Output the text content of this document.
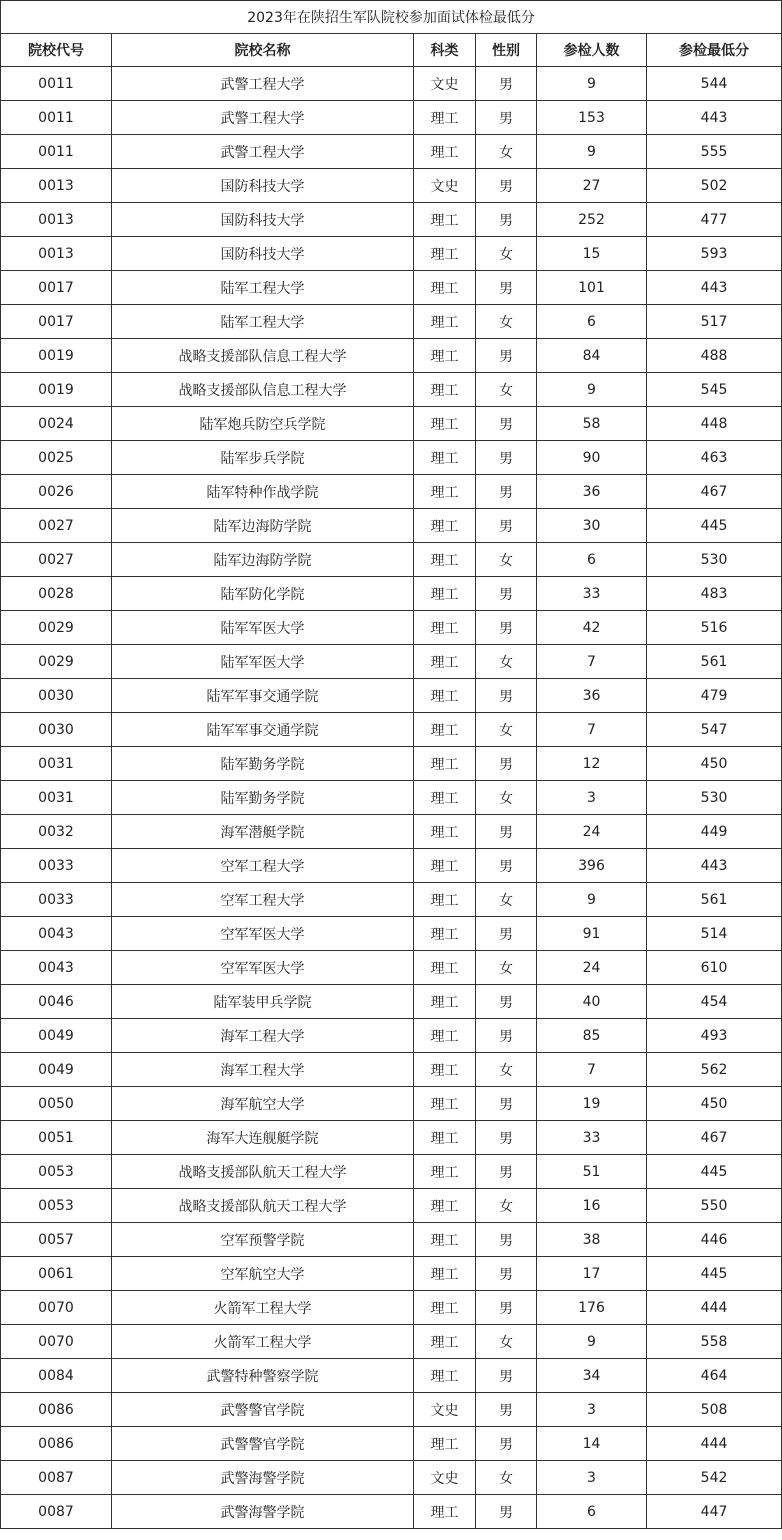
2023年在陕招生军队院校参加面试体检最低分					
院校代号	院校名称	科类	性别	参检人数	参检最低分
0011	武警工程大学	文史	男	9	544
0011	武警工程大学	理工	男	153	443
0011	武警工程大学	理工	女	9	555
0013	国防科技大学	文史	男	27	502
0013	国防科技大学	理工	男	252	477
0013	国防科技大学	理工	女	15	593
0017	陆军工程大学	理工	男	101	443
0017	陆军工程大学	理工	女	6	517
0019	战略支援部队信息工程大学	理工	男	84	488
0019	战略支援部队信息工程大学	理工	女	9	545
0024	陆军炮兵防空兵学院	理工	男	58	448
0025	陆军步兵学院	理工	男	90	463
0026	陆军特种作战学院	理工	男	36	467
0027	陆军边海防学院	理工	男	30	445
0027	陆军边海防学院	理工	女	6	530
0028	陆军防化学院	理工	男	33	483
0029	陆军军医大学	理工	男	42	516
0029	陆军军医大学	理工	女	7	561
0030	陆军军事交通学院	理工	男	36	479
0030	陆军军事交通学院	理工	女	7	547
0031	陆军勤务学院	理工	男	12	450
0031	陆军勤务学院	理工	女	3	530
0032	海军潜艇学院	理工	男	24	449
0033	空军工程大学	理工	男	396	443
0033	空军工程大学	理工	女	9	561
0043	空军军医大学	理工	男	91	514
0043	空军军医大学	理工	女	24	610
0046	陆军装甲兵学院	理工	男	40	454
0049	海军工程大学	理工	男	85	493
0049	海军工程大学	理工	女	7	562
0050	海军航空大学	理工	男	19	450
0051	海军大连舰艇学院	理工	男	33	467
0053	战略支援部队航天工程大学	理工	男	51	445
0053	战略支援部队航天工程大学	理工	女	16	550
0057	空军预警学院	理工	男	38	446
0061	空军航空大学	理工	男	17	445
0070	火箭军工程大学	理工	男	176	444
0070	火箭军工程大学	理工	女	9	558
0084	武警特种警察学院	理工	男	34	464
0086	武警警官学院	文史	男	3	508
0086	武警警官学院	理工	男	14	444
0087	武警海警学院	文史	女	3	542
0087	武警海警学院	理工	男	6	447
